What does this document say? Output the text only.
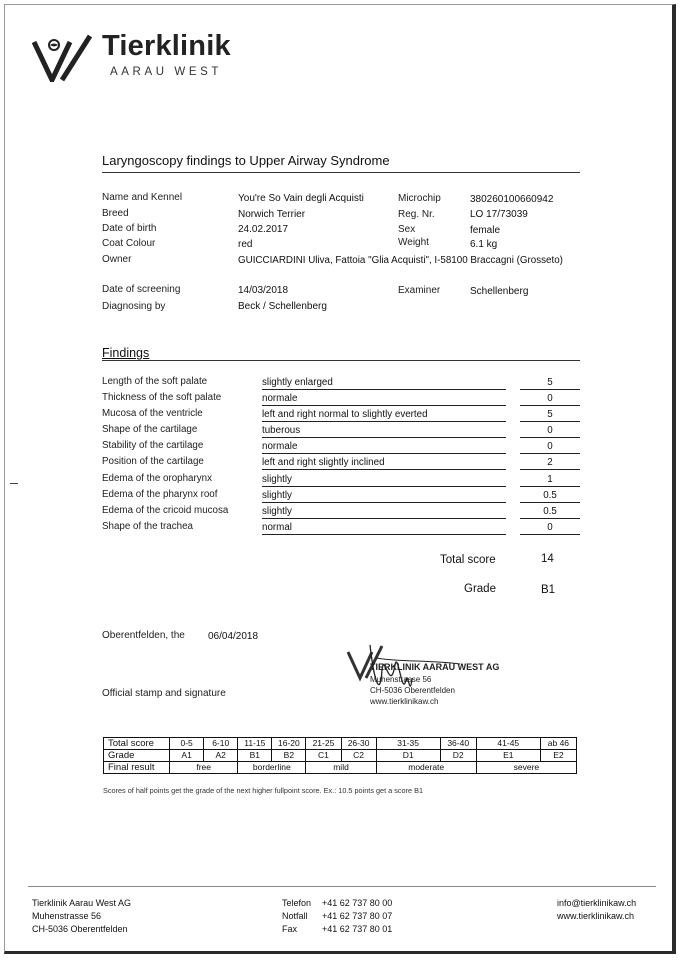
Tierklinik
AARAU WEST
Laryngoscopy findings to Upper Airway Syndrome
Name and Kennel	You're So Vain degli Acquisti
Breed	Norwich Terrier
Date of birth	24.02.2017
Coat Colour	red
Owner	GUICCIARDINI Uliva, Fattoia "Glia Acquisti", I-58100 Braccagni (Grosseto)
Microchip	380260100660942
Reg. Nr.	LO 17/73039
Sex	female
Weight	6.1 kg
Date of screening	14/03/2018
Diagnosing by	Beck / Schellenberg
Examiner	Schellenberg
Findings
Length of the soft palate	slightly enlarged	5
Thickness of the soft palate	normale	0
Mucosa of the ventricle	left and right normal to slightly everted	5
Shape of the cartilage	tuberous	0
Stability of the cartilage	normale	0
Position of the cartilage	left and right slightly inclined	2
Edema of the oropharynx	slightly	1
Edema of the pharynx roof	slightly	0.5
Edema of the cricoid mucosa	slightly	0.5
Shape of the trachea	normal	0
Total score	14
Grade	B1
Oberentfelden, the 06/04/2018
Official stamp and signature
TIERKLINIK AARAU WEST AG
Muhenstrasse 56
CH-5036 Oberentfelden
www.tierklinikaw.ch
Total score	0-5	6-10	11-15	16-20	21-25	26-30	31-35	36-40	41-45	ab 46
Grade	A1	A2	B1	B2	C1	C2	D1	D2	E1	E2
Final result	free		borderline		mild		moderate		severe	
Scores of half points get the grade of the next higher fullpoint score. Ex.: 10.5 points get a score B1
Tierklinik Aarau West AG
Muhenstrasse 56
CH-5036 Oberentfelden
Telefon +41 62 737 80 00
Notfall +41 62 737 80 07
Fax	+41 62 737 80 01
info@tierklinikaw.ch
www.tierklinikaw.ch
